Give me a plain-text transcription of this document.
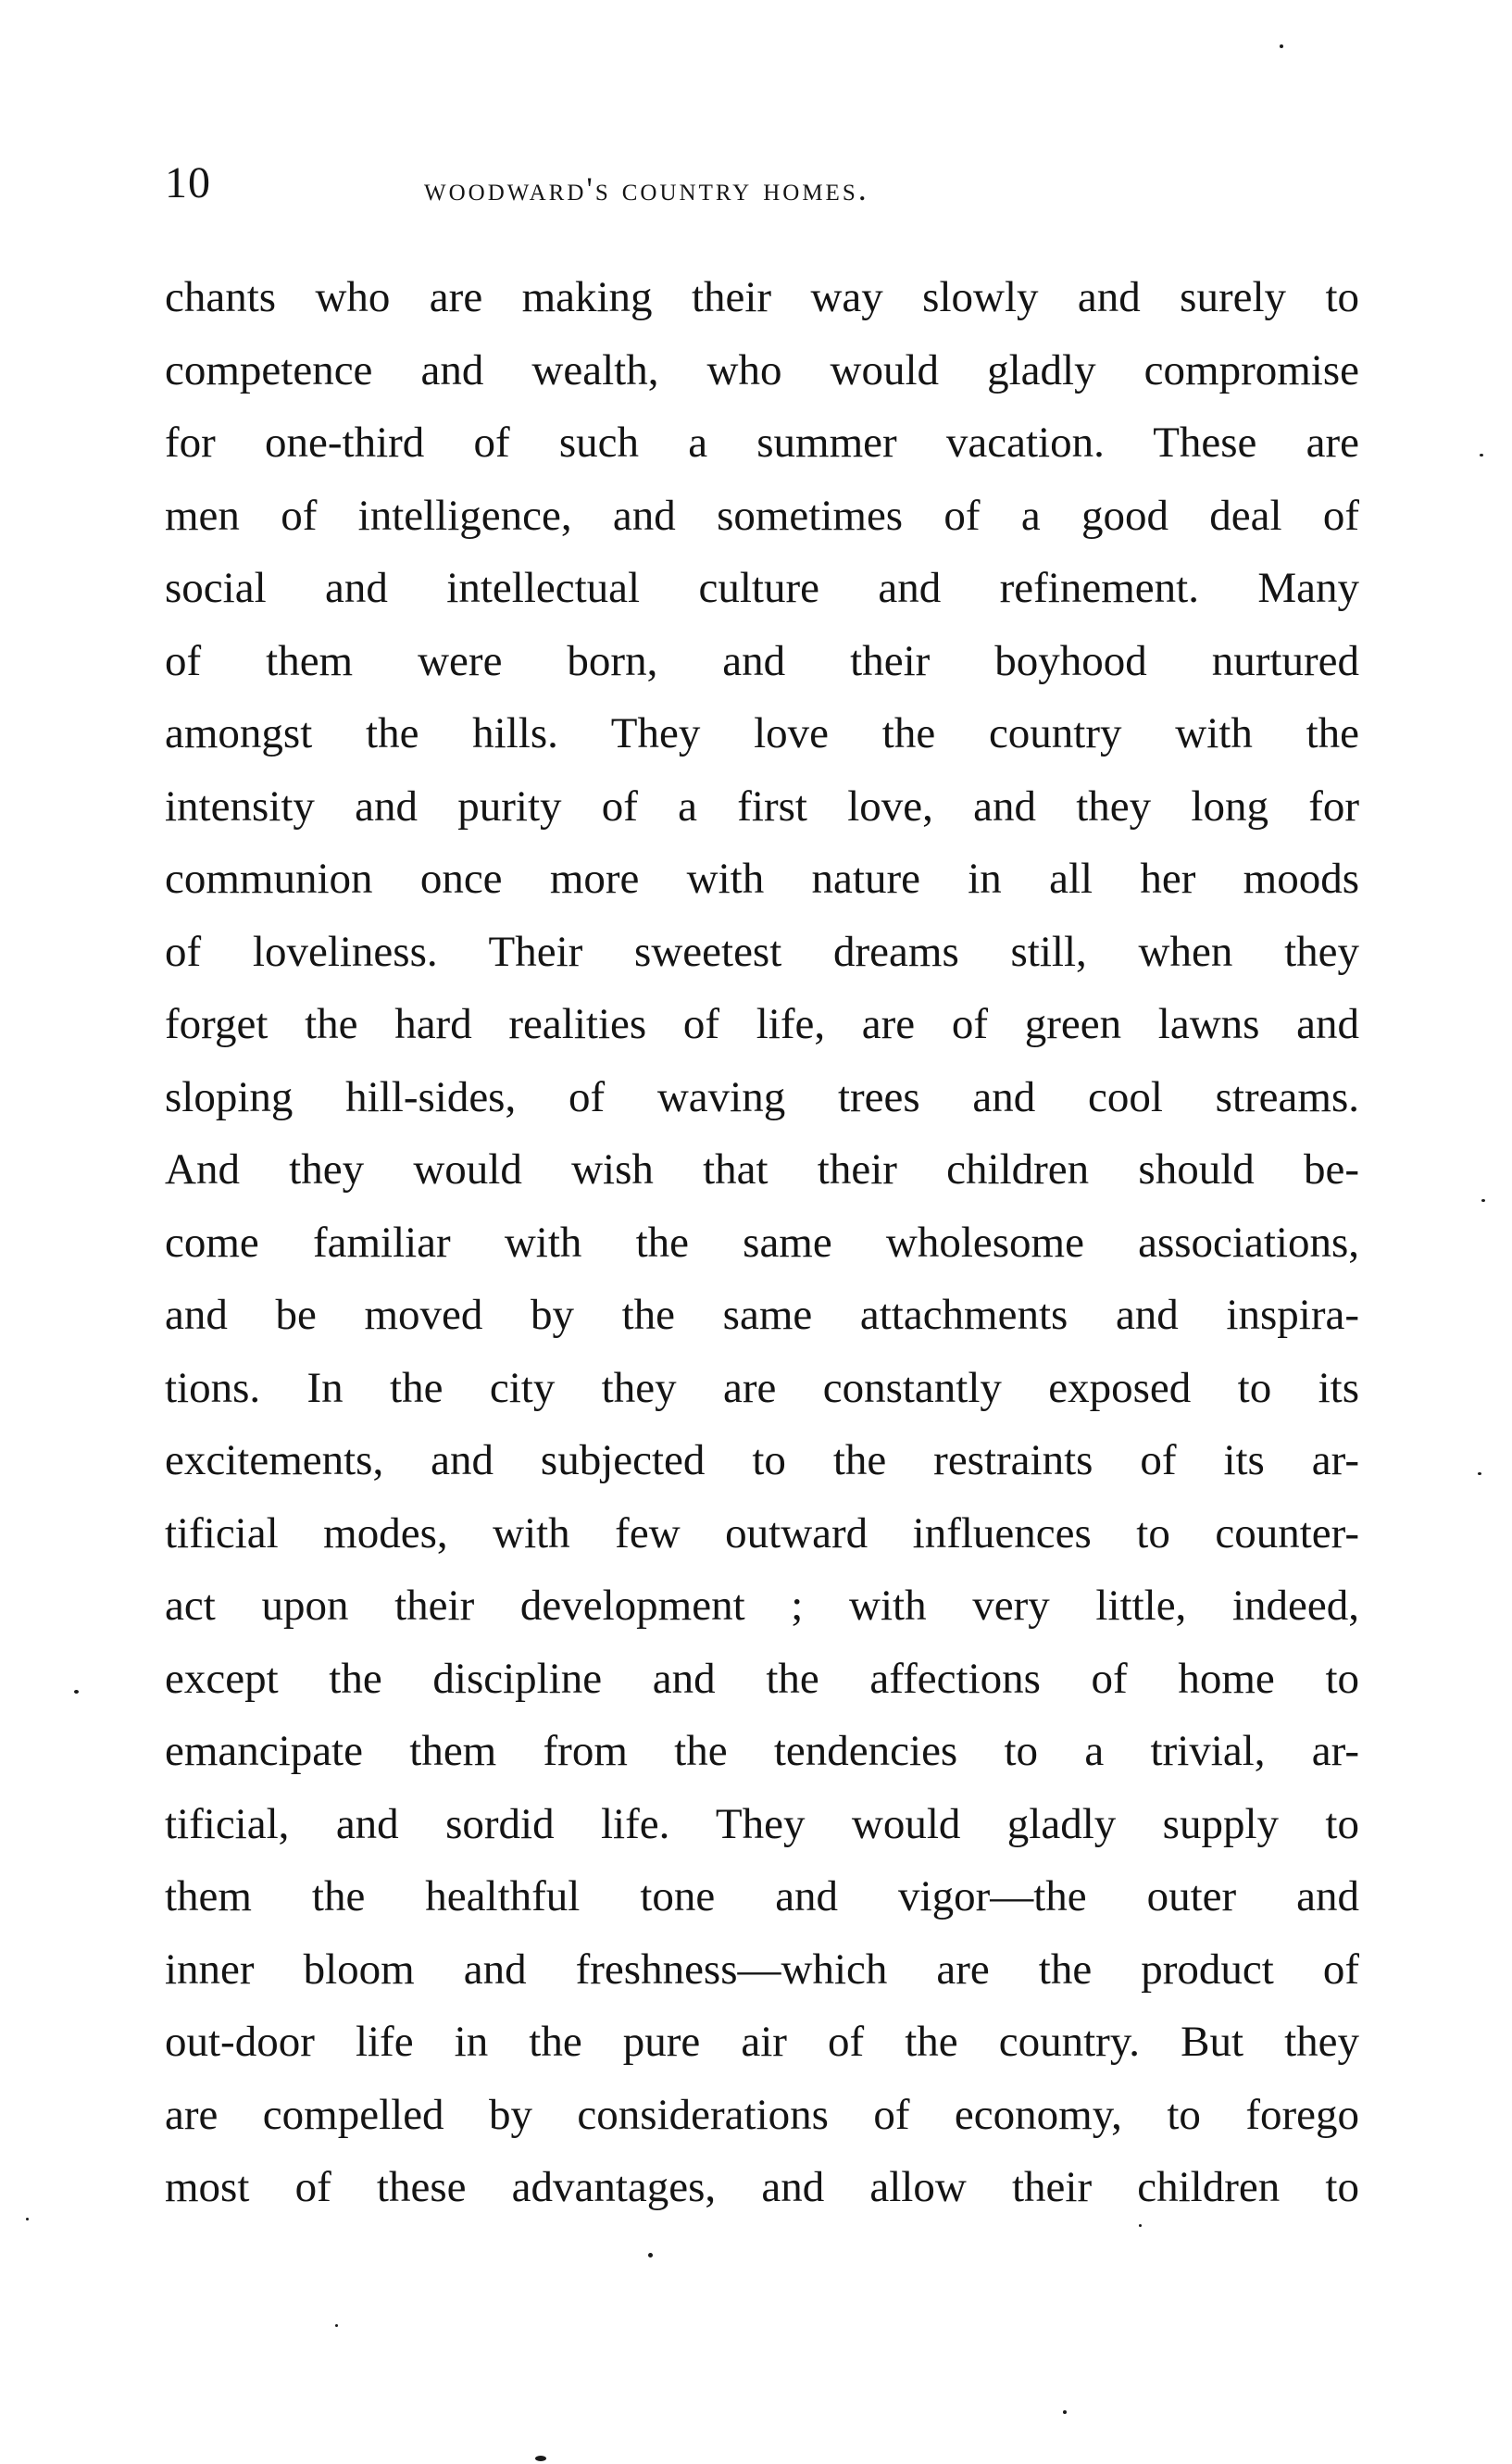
10	woodward's country homes.
chants who are making their way slowly and surely to
competence and wealth, who would gladly compromise
for one-third of such a summer vacation. These are
men of intelligence, and sometimes of a good deal of
social and intellectual culture and refinement. Many
of them were born, and their boyhood nurtured
amongst the hills. They love the country with the
intensity and purity of a first love, and they long for
communion once more with nature in all her moods
of loveliness. Their sweetest dreams still, when they
forget the hard realities of life, are of green lawns and
sloping hill-sides, of waving trees and cool streams.
And they would wish that their children should be-
come familiar with the same wholesome associations,
and be moved by the same attachments and inspira-
tions. In the city they are constantly exposed to its
excitements, and subjected to the restraints of its ar-
tificial modes, with few outward influences to counter-
act upon their development ; with very little, indeed,
except the discipline and the affections of home to
emancipate them from the tendencies to a trivial, ar-
tificial, and sordid life. They would gladly supply to
them the healthful tone and vigor—the outer and
inner bloom and freshness—which are the product of
out-door life in the pure air of the country. But they
are compelled by considerations of economy, to forego
most of these advantages, and allow their children to
